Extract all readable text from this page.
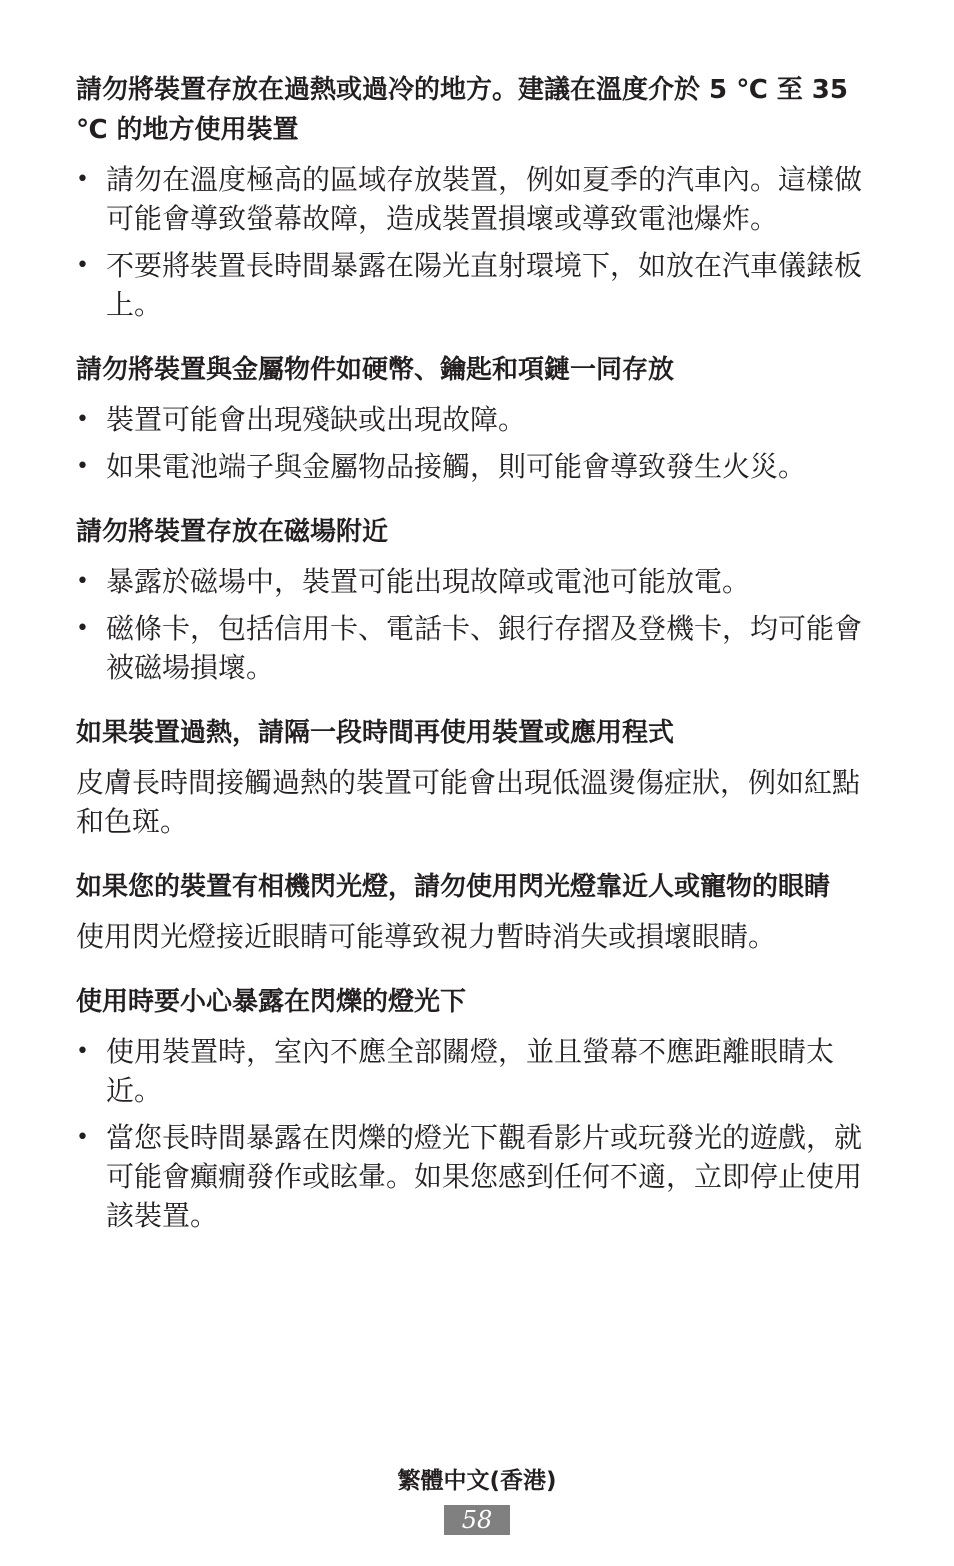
請勿將裝置存放在過熱或過冷的地方。建議在溫度介於 5 ℃ 至 35 ℃ 的地方使用裝置
• 請勿在溫度極高的區域存放裝置，例如夏季的汽車內。這樣做可能會導致螢幕故障，造成裝置損壞或導致電池爆炸。
• 不要將裝置長時間暴露在陽光直射環境下，如放在汽車儀錶板上。
請勿將裝置與金屬物件如硬幣、鑰匙和項鏈一同存放
• 裝置可能會出現殘缺或出現故障。
• 如果電池端子與金屬物品接觸，則可能會導致發生火災。
請勿將裝置存放在磁場附近
• 暴露於磁場中，裝置可能出現故障或電池可能放電。
• 磁條卡，包括信用卡、電話卡、銀行存摺及登機卡，均可能會被磁場損壞。
如果裝置過熱，請隔一段時間再使用裝置或應用程式

皮膚長時間接觸過熱的裝置可能會出現低溫燙傷症狀，例如紅點和色斑。

如果您的裝置有相機閃光燈，請勿使用閃光燈靠近人或寵物的眼睛

使用閃光燈接近眼睛可能導致視力暫時消失或損壞眼睛。

使用時要小心暴露在閃爍的燈光下
• 使用裝置時，室內不應全部關燈，並且螢幕不應距離眼睛太近。
• 當您長時間暴露在閃爍的燈光下觀看影片或玩發光的遊戲，就可能會癲癇發作或眩暈。如果您感到任何不適，立即停止使用該裝置。
繁體中文(香港)
58
